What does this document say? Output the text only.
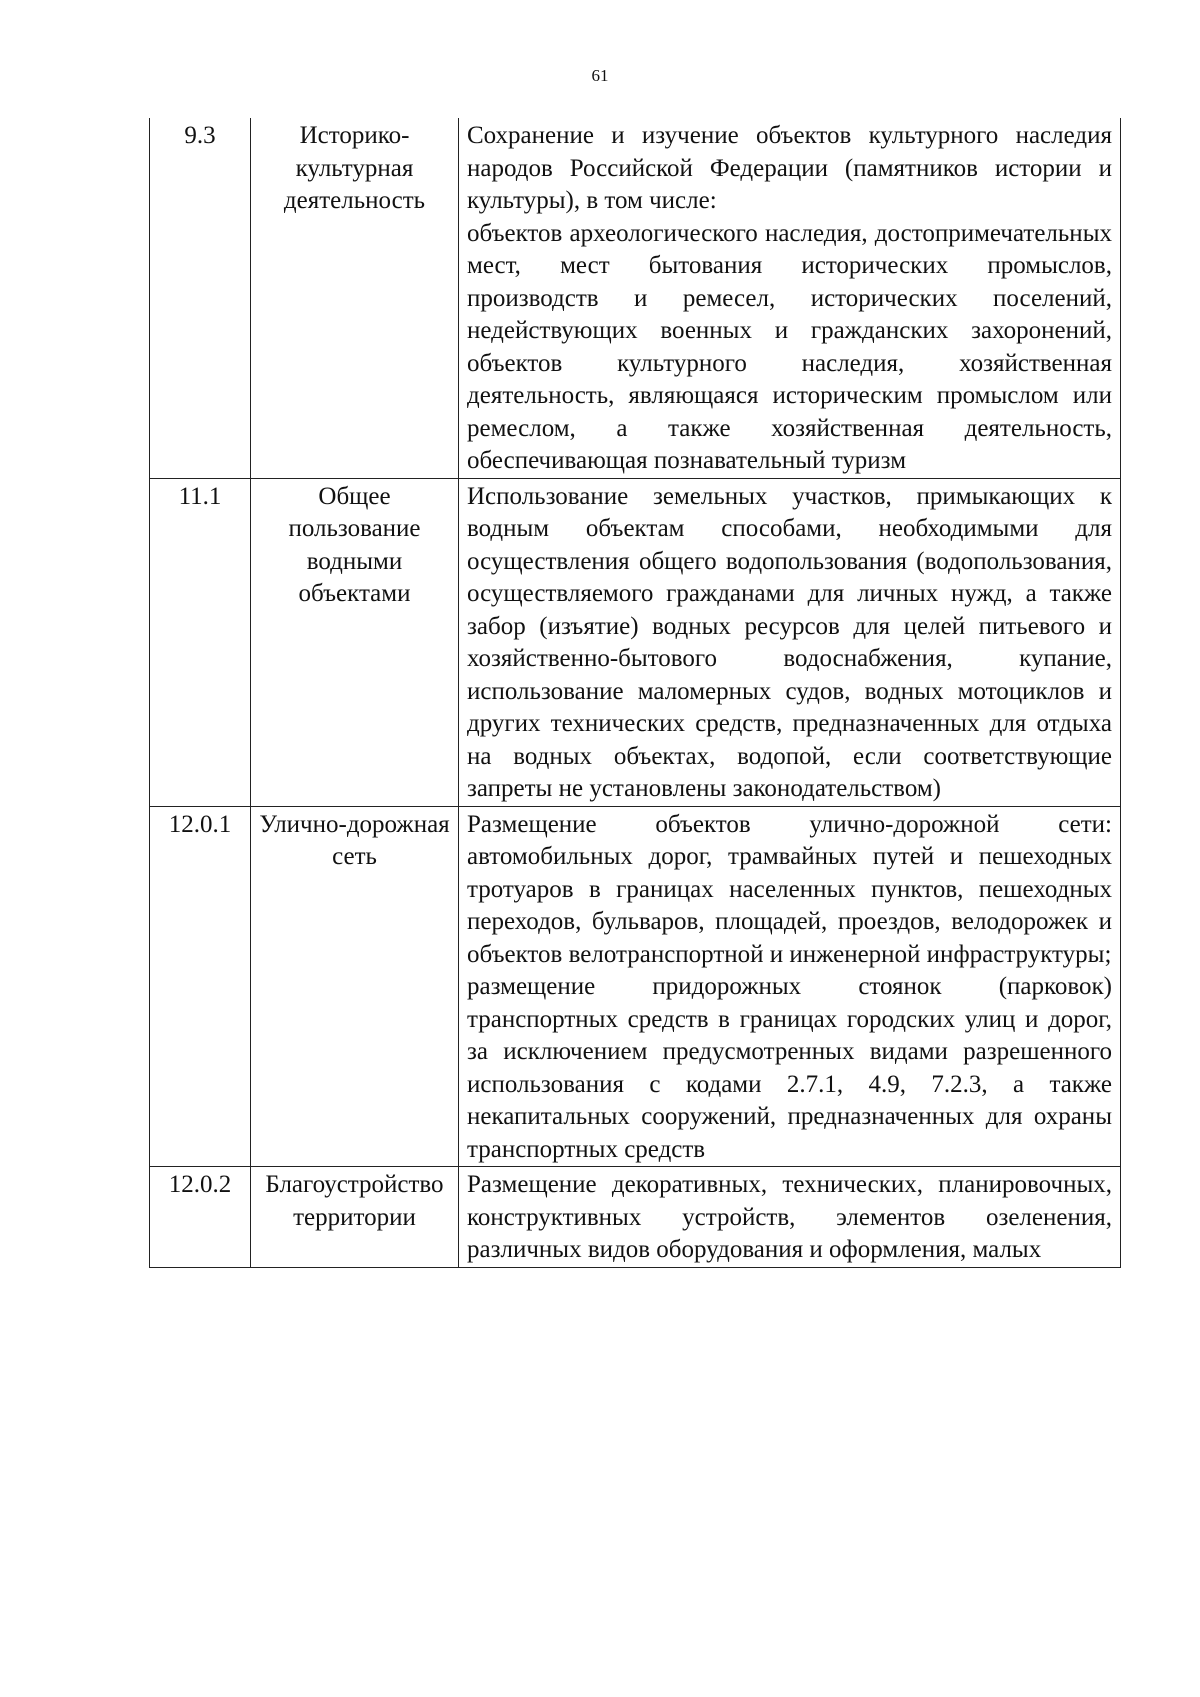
61
9.3	Историко-культурная деятельность	Сохранение и изучение объектов культурного наследия народов Российской Федерации (памятников истории и культуры), в том числе:
объектов археологического наследия, достопримечательных мест, мест бытования исторических промыслов, производств и ремесел, исторических поселений, недействующих военных и гражданских захоронений, объектов культурного наследия, хозяйственная деятельность, являющаяся историческим промыслом или ремеслом, а также хозяйственная деятельность, обеспечивающая познавательный туризм

11.1	Общее пользование водными объектами	Использование земельных участков, примыкающих к водным объектам способами, необходимыми для осуществления общего водопользования (водопользования, осуществляемого гражданами для личных нужд, а также забор (изъятие) водных ресурсов для целей питьевого и хозяйственно-бытового водоснабжения, купание, использование маломерных судов, водных мотоциклов и других технических средств, предназначенных для отдыха на водных объектах, водопой, если соответствующие запреты не установлены законодательством)

12.0.1	Улично-дорожная сеть	Размещение объектов улично-дорожной сети: автомобильных дорог, трамвайных путей и пешеходных тротуаров в границах населенных пунктов, пешеходных переходов, бульваров, площадей, проездов, велодорожек и объектов велотранспортной и инженерной инфраструктуры;
размещение придорожных стоянок (парковок) транспортных средств в границах городских улиц и дорог, за исключением предусмотренных видами разрешенного использования с кодами 2.7.1, 4.9, 7.2.3, а также некапитальных сооружений, предназначенных для охраны транспортных средств

12.0.2	Благоустройство территории	Размещение декоративных, технических, планировочных, конструктивных устройств, элементов озеленения, различных видов оборудования и оформления, малых
